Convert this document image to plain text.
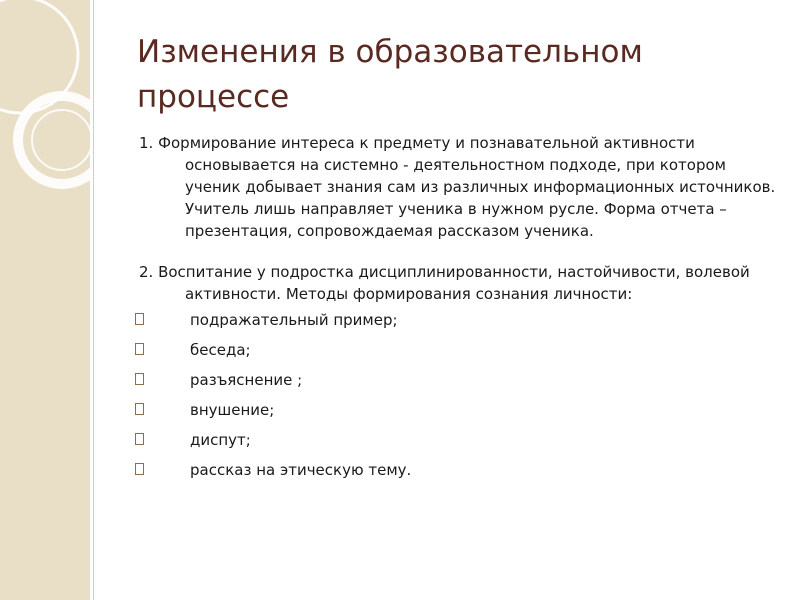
Изменения в образовательном процессе

1. Формирование интереса к предмету и познавательной активности основывается на системно - деятельностном подходе, при котором ученик добывает знания сам из различных информационных источников. Учитель лишь направляет ученика в нужном русле. Форма отчета – презентация, сопровождаемая рассказом ученика.

2. Воспитание у подростка дисциплинированности, настойчивости, волевой активности. Методы формирования сознания личности:

подражательный пример;
беседа;
разъяснение ;
внушение;
диспут;
рассказ на этическую тему.
